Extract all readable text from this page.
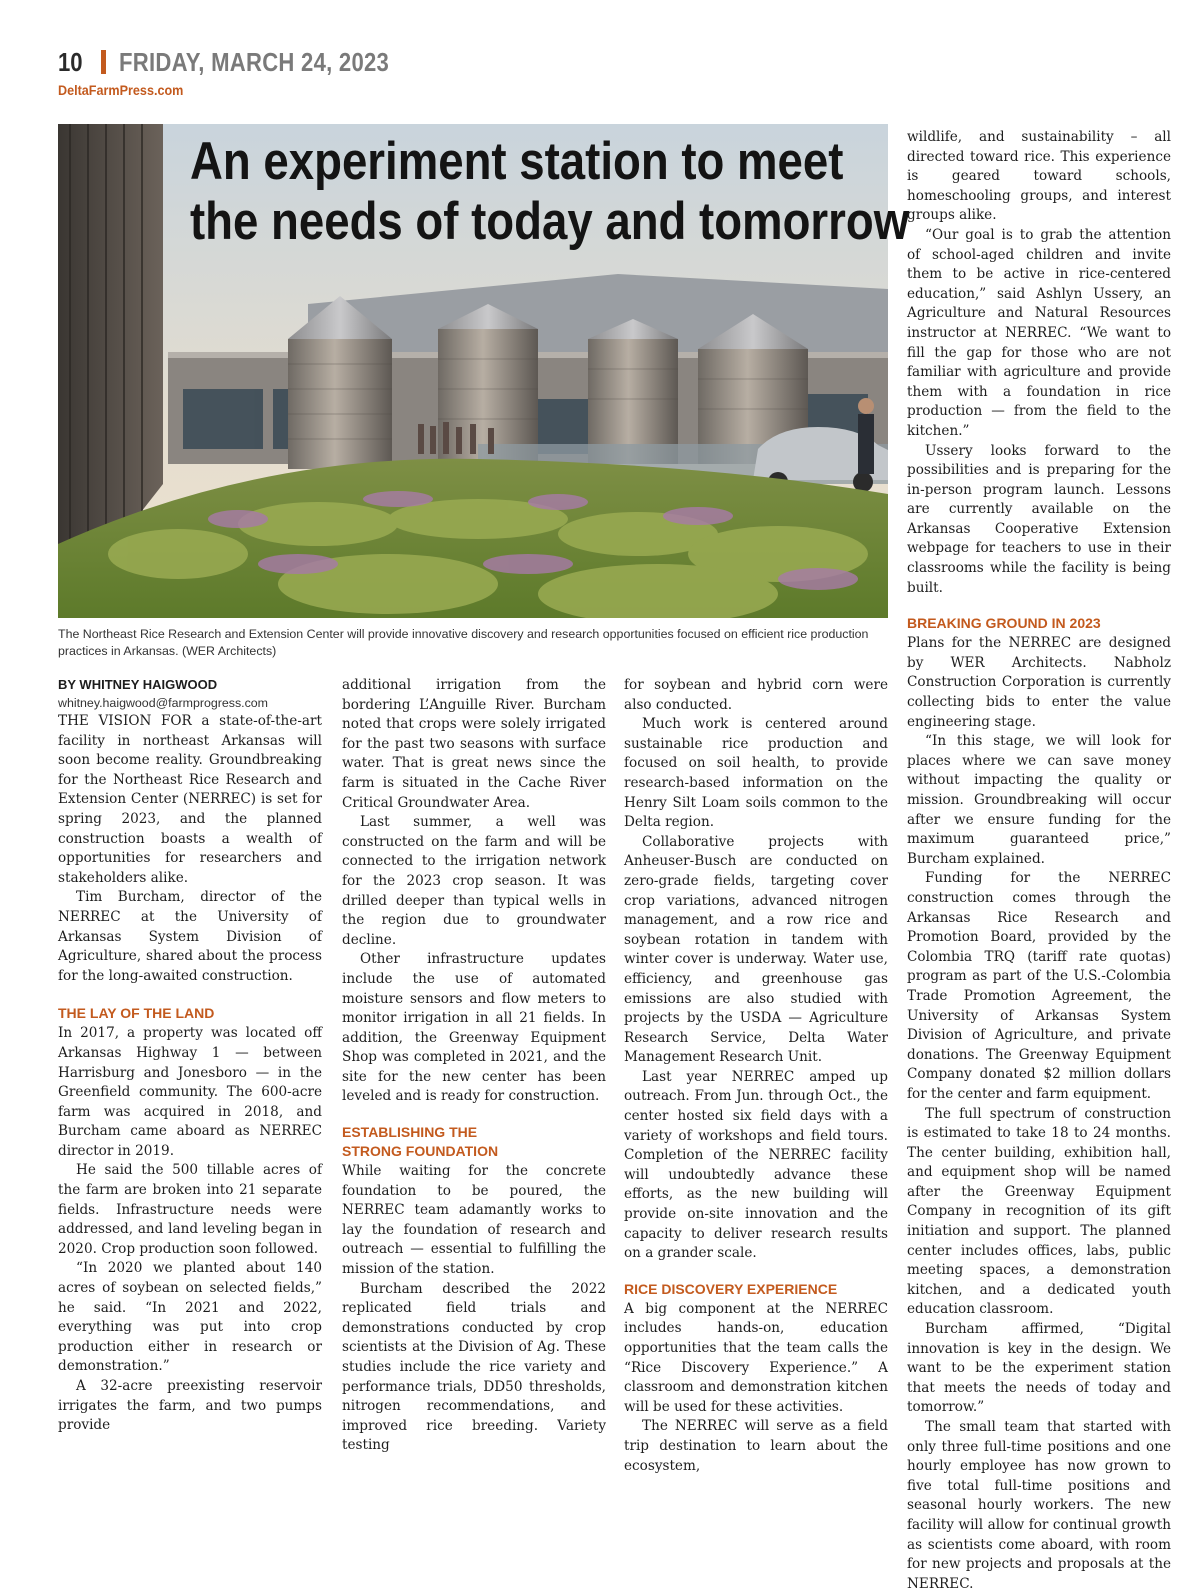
10 FRIDAY, MARCH 24, 2023
DeltaFarmPress.com
An experiment station to meet
the needs of today and tomorrow
The Northeast Rice Research and Extension Center will provide innovative discovery and research opportunities focused on efficient rice production practices in Arkansas. (WER Architects)

BY WHITNEY HAIGWOOD

whitney.haigwood@farmprogress.com

THE VISION FOR a state-of-the-art facility in northeast Arkansas will soon become reality. Groundbreaking for the Northeast Rice Research and Extension Center (NERREC) is set for spring 2023, and the planned construction boasts a wealth of opportunities for researchers and stakeholders alike.

Tim Burcham, director of the NERREC at the University of Arkansas System Division of Agriculture, shared about the process for the long-awaited construction.

THE LAY OF THE LAND

In 2017, a property was located off Arkansas Highway 1 — between Harrisburg and Jonesboro — in the Greenfield community. The 600-acre farm was acquired in 2018, and Burcham came aboard as NERREC director in 2019.

He said the 500 tillable acres of the farm are broken into 21 separate fields. Infrastructure needs were addressed, and land leveling began in 2020. Crop production soon followed.

“In 2020 we planted about 140 acres of soybean on selected fields,” he said. “In 2021 and 2022, everything was put into crop production either in research or demonstration.”

A 32-acre preexisting reservoir irrigates the farm, and two pumps provide

additional irrigation from the bordering L’Anguille River. Burcham noted that crops were solely irrigated for the past two seasons with surface water. That is great news since the farm is situated in the Cache River Critical Groundwater Area.

Last summer, a well was constructed on the farm and will be connected to the irrigation network for the 2023 crop season. It was drilled deeper than typical wells in the region due to groundwater decline.

Other infrastructure updates include the use of automated moisture sensors and flow meters to monitor irrigation in all 21 fields. In addition, the Greenway Equipment Shop was completed in 2021, and the site for the new center has been leveled and is ready for construction.

ESTABLISHING THE
STRONG FOUNDATION

While waiting for the concrete foundation to be poured, the NERREC team adamantly works to lay the foundation of research and outreach — essential to fulfilling the mission of the station.

Burcham described the 2022 replicated field trials and demonstrations conducted by crop scientists at the Division of Ag. These studies include the rice variety and performance trials, DD50 thresholds, nitrogen recommendations, and improved rice breeding. Variety testing

for soybean and hybrid corn were also conducted.

Much work is centered around sustainable rice production and focused on soil health, to provide research-based information on the Henry Silt Loam soils common to the Delta region.

Collaborative projects with Anheuser-Busch are conducted on zero-grade fields, targeting cover crop variations, advanced nitrogen management, and a row rice and soybean rotation in tandem with winter cover is underway. Water use, efficiency, and greenhouse gas emissions are also studied with projects by the USDA — Agriculture Research Service, Delta Water Management Research Unit.

Last year NERREC amped up outreach. From Jun. through Oct., the center hosted six field days with a variety of workshops and field tours. Completion of the NERREC facility will undoubtedly advance these efforts, as the new building will provide on-site innovation and the capacity to deliver research results on a grander scale.

RICE DISCOVERY EXPERIENCE

A big component at the NERREC includes hands-on, education opportunities that the team calls the “Rice Discovery Experience.” A classroom and demonstration kitchen will be used for these activities.

The NERREC will serve as a field trip destination to learn about the ecosystem,

wildlife, and sustainability – all directed toward rice. This experience is geared toward schools, homeschooling groups, and interest groups alike.

“Our goal is to grab the attention of school-aged children and invite them to be active in rice-centered education,” said Ashlyn Ussery, an Agriculture and Natural Resources instructor at NERREC. “We want to fill the gap for those who are not familiar with agriculture and provide them with a foundation in rice production — from the field to the kitchen.”

Ussery looks forward to the possibilities and is preparing for the in-person program launch. Lessons are currently available on the Arkansas Cooperative Extension webpage for teachers to use in their classrooms while the facility is being built.

BREAKING GROUND IN 2023

Plans for the NERREC are designed by WER Architects. Nabholz Construction Corporation is currently collecting bids to enter the value engineering stage.

“In this stage, we will look for places where we can save money without impacting the quality or mission. Groundbreaking will occur after we ensure funding for the maximum guaranteed price,” Burcham explained.

Funding for the NERREC construction comes through the Arkansas Rice Research and Promotion Board, provided by the Colombia TRQ (tariff rate quotas) program as part of the U.S.-Colombia Trade Promotion Agreement, the University of Arkansas System Division of Agriculture, and private donations. The Greenway Equipment Company donated $2 million dollars for the center and farm equipment.

The full spectrum of construction is estimated to take 18 to 24 months. The center building, exhibition hall, and equipment shop will be named after the Greenway Equipment Company in recognition of its gift initiation and support. The planned center includes offices, labs, public meeting spaces, a demonstration kitchen, and a dedicated youth education classroom.

Burcham affirmed, “Digital innovation is key in the design. We want to be the experiment station that meets the needs of today and tomorrow.”

The small team that started with only three full-time positions and one hourly employee has now grown to five total full-time positions and seasonal hourly workers. The new facility will allow for continual growth as scientists come aboard, with room for new projects and proposals at the NERREC.
